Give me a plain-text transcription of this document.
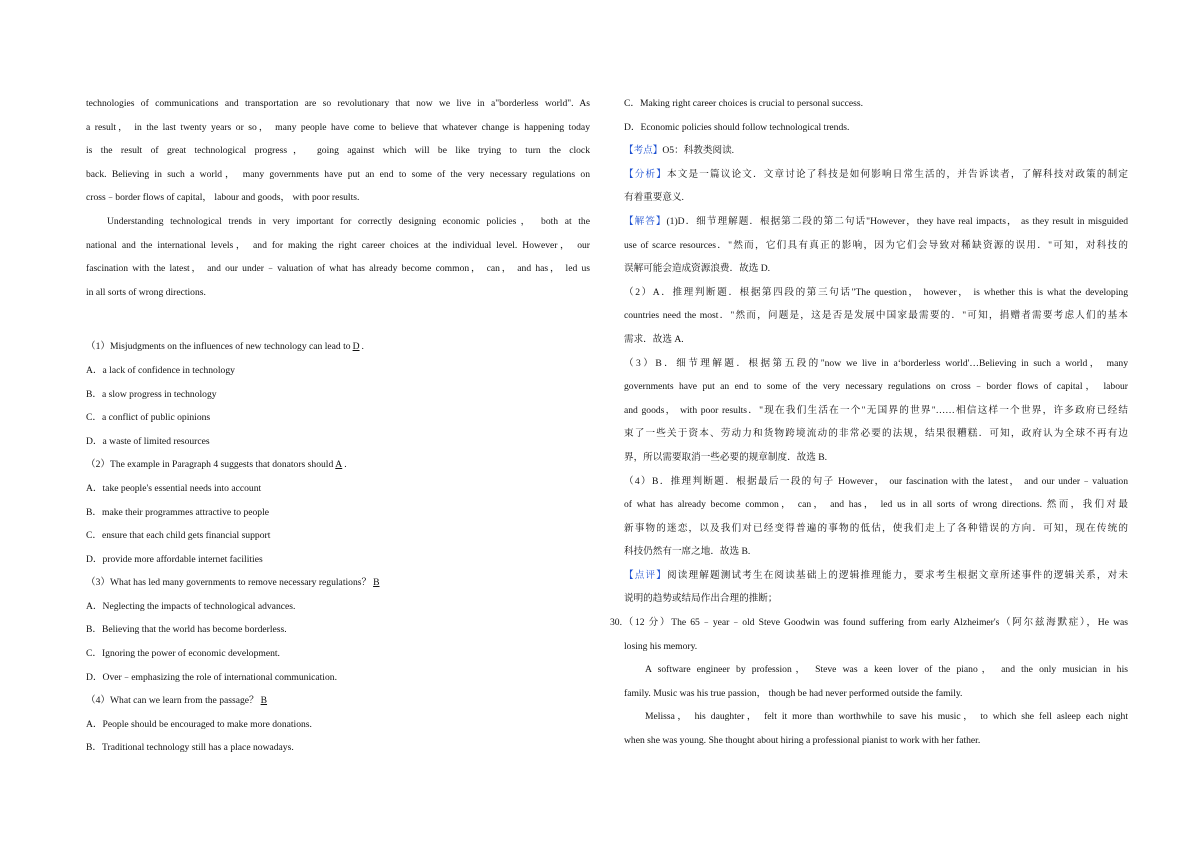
technologies of communications and transportation are so revolutionary that now we live in a"borderless world". As
a result， in the last twenty years or so， many people have come to believe that whatever change is happening today
is the result of great technological progress， going against which will be like trying to turn the clock
back. Believing in such a world， many governments have put an end to some of the very necessary regulations on
cross﹣border flows of capital， labour and goods， with poor results.
Understanding technological trends in very important for correctly designing economic policies， both at the
national and the international levels， and for making the right career choices at the individual level. However， our
fascination with the latest， and our under﹣valuation of what has already become common， can， and has， led us
in all sorts of wrong directions.
（1）Misjudgments on the influences of new technology can lead to D .
A．a lack of confidence in technology
B．a slow progress in technology
C．a conflict of public opinions
D．a waste of limited resources
（2）The example in Paragraph 4 suggests that donators should A .
A．take people's essential needs into account
B．make their programmes attractive to people
C．ensure that each child gets financial support
D．provide more affordable internet facilities
（3）What has led many governments to remove necessary regulations？ B
A．Neglecting the impacts of technological advances.
B．Believing that the world has become borderless.
C．Ignoring the power of economic development.
D．Over﹣emphasizing the role of international communication.
（4）What can we learn from the passage？ B
A．People should be encouraged to make more donations.
B．Traditional technology still has a place nowadays.
C．Making right career choices is crucial to personal success.
D．Economic policies should follow technological trends.
【考点】O5：科教类阅读.
【分析】本文是一篇议论文．文章讨论了科技是如何影响日常生活的，并告诉读者，了解科技对政策的制定
有着重要意义.
【解答】(1)D．细节理解题．根据第二段的第二句话"However，they have real impacts， as they result in misguided
use of scarce resources．"然而，它们具有真正的影响，因为它们会导致对稀缺资源的误用．"可知，对科技的
误解可能会造成资源浪费．故选 D.
（2）A．推理判断题．根据第四段的第三句话"The question， however， is whether this is what the developing
countries need the most．"然而，问题是，这是否是发展中国家最需要的．"可知，捐赠者需要考虑人们的基本
需求．故选 A.
（3）B．细节理解题．根据第五段的"now we live in a‘borderless world'…Believing in such a world， many
governments have put an end to some of the very necessary regulations on cross﹣border flows of capital， labour
and goods， with poor results．"现在我们生活在一个"无国界的世界"……相信这样一个世界，许多政府已经结
束了一些关于资本、劳动力和货物跨境流动的非常必要的法规，结果很糟糕．可知，政府认为全球不再有边
界，所以需要取消一些必要的规章制度．故选 B.
（4）B．推理判断题．根据最后一段的句子 However， our fascination with the latest， and our under﹣valuation
of what has already become common， can， and has， led us in all sorts of wrong directions. 然而，我们对最
新事物的迷恋，以及我们对已经变得普遍的事物的低估，使我们走上了各种错误的方向．可知，现在传统的
科技仍然有一席之地．故选 B.
【点评】阅读理解题测试考生在阅读基础上的逻辑推理能力，要求考生根据文章所述事件的逻辑关系，对未
说明的趋势或结局作出合理的推断；
30.（12 分）The 65﹣year﹣old Steve Goodwin was found suffering from early Alzheimer's（阿尔兹海默症），He was
losing his memory.
A software engineer by profession， Steve was a keen lover of the piano， and the only musician in his
family. Music was his true passion， though be had never performed outside the family.
Melissa， his daughter， felt it more than worthwhile to save his music， to which she fell asleep each night
when she was young. She thought about hiring a professional pianist to work with her father.
